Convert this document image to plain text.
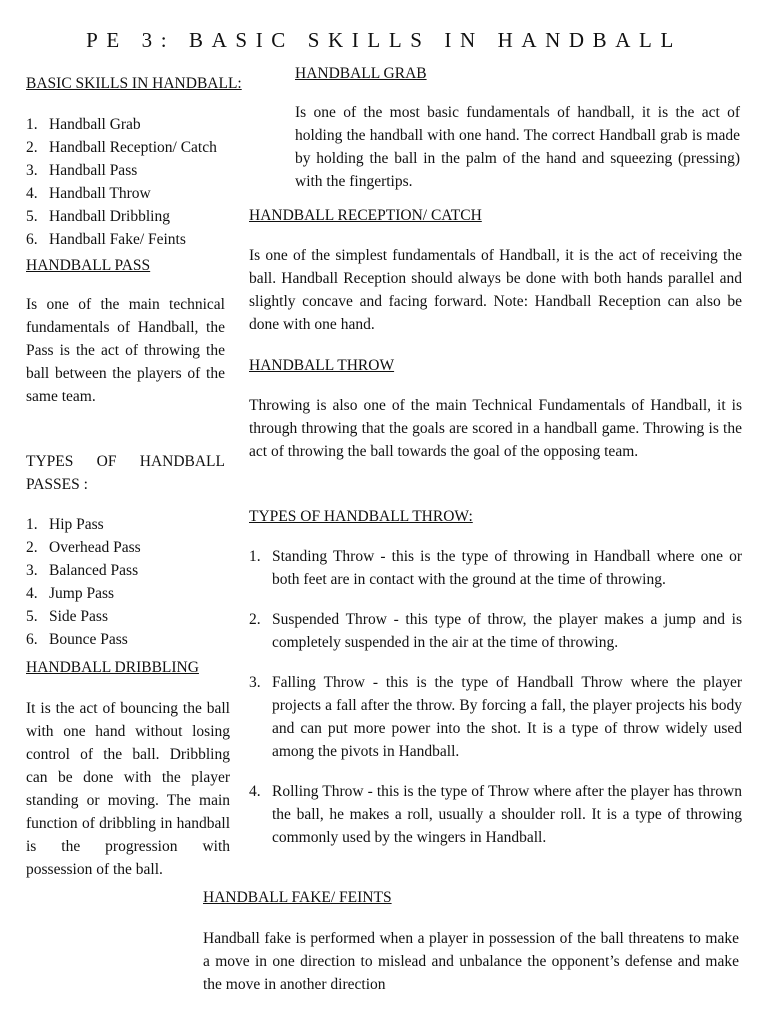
PE 3: BASIC SKILLS IN HANDBALL
BASIC SKILLS IN HANDBALL:
1. Handball Grab
2. Handball Reception/ Catch
3. Handball Pass
4. Handball Throw
5. Handball Dribbling
6. Handball Fake/ Feints
HANDBALL GRAB

Is one of the most basic fundamentals of handball, it is the act of holding the handball with one hand. The correct Handball grab is made by holding the ball in the palm of the hand and squeezing (pressing) with the fingertips.

HANDBALL RECEPTION/ CATCH

Is one of the simplest fundamentals of Handball, it is the act of receiving the ball. Handball Reception should always be done with both hands parallel and slightly concave and facing forward. Note: Handball Reception can also be done with one hand.

HANDBALL PASS

Is one of the main technical fundamentals of Handball, the Pass is the act of throwing the ball between the players of the same team.

TYPES OF HANDBALL PASSES :

1. Hip Pass
2. Overhead Pass
3. Balanced Pass
4. Jump Pass
5. Side Pass
6. Bounce Pass
HANDBALL THROW

Throwing is also one of the main Technical Fundamentals of Handball, it is through throwing that the goals are scored in a handball game. Throwing is the act of throwing the ball towards the goal of the opposing team.

TYPES OF HANDBALL THROW:
1. Standing Throw - this is the type of throwing in Handball where one or both feet are in contact with the ground at the time of throwing.
2. Suspended Throw - this type of throw, the player makes a jump and is completely suspended in the air at the time of throwing.
3. Falling Throw - this is the type of Handball Throw where the player projects a fall after the throw. By forcing a fall, the player projects his body and can put more power into the shot. It is a type of throw widely used among the pivots in Handball.
4. Rolling Throw - this is the type of Throw where after the player has thrown the ball, he makes a roll, usually a shoulder roll. It is a type of throwing commonly used by the wingers in Handball.
HANDBALL DRIBBLING

It is the act of bouncing the ball with one hand without losing control of the ball. Dribbling can be done with the player standing or moving. The main function of dribbling in handball is the progression with possession of the ball.

HANDBALL FAKE/ FEINTS

Handball fake is performed when a player in possession of the ball threatens to make a move in one direction to mislead and unbalance the opponent’s defense and make the move in another direction
